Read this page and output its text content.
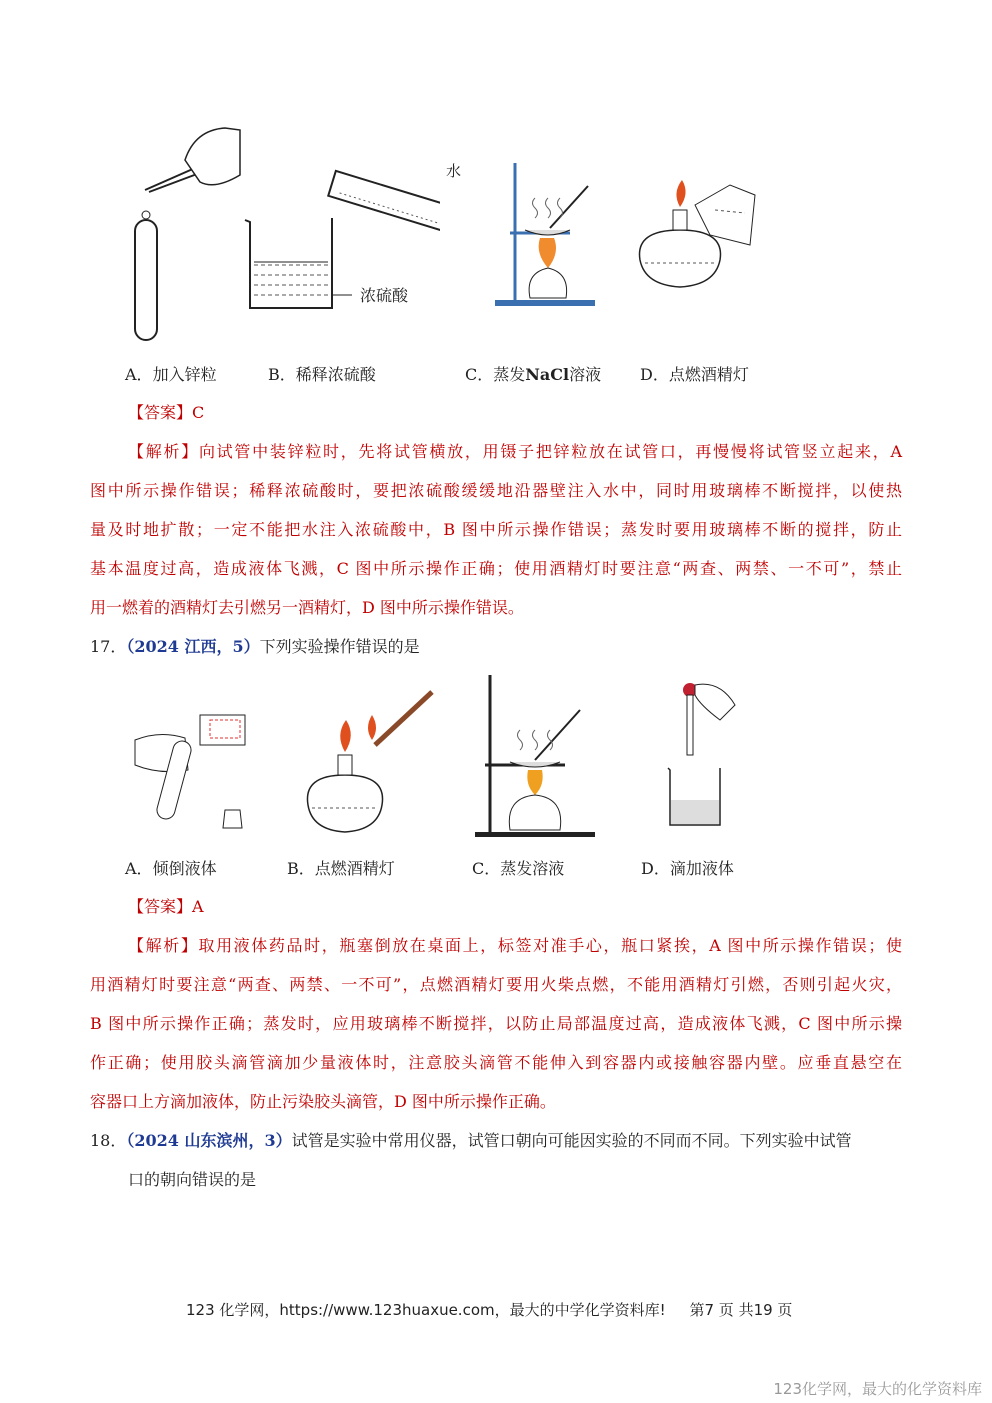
浓硫酸
水
A．加入锌粒	B．稀释浓硫酸	C．蒸发NaCl溶液 D．点燃酒精灯
【答案】C
【解析】向试管中装锌粒时，先将试管横放，用镊子把锌粒放在试管口，再慢慢将试管竖立起来，A
图中所示操作错误；稀释浓硫酸时，要把浓硫酸缓缓地沿器壁注入水中，同时用玻璃棒不断搅拌，以使热
量及时地扩散；一定不能把水注入浓硫酸中，B 图中所示操作错误；蒸发时要用玻璃棒不断的搅拌，防止
基本温度过高，造成液体飞溅，C 图中所示操作正确；使用酒精灯时要注意“两查、两禁、一不可”，禁止
用一燃着的酒精灯去引燃另一酒精灯，D 图中所示操作错误。
17．（2024 江西，5）下列实验操作错误的是
A．倾倒液体	B．点燃酒精灯	C．蒸发溶液	D．滴加液体
【答案】A
【解析】取用液体药品时，瓶塞倒放在桌面上，标签对准手心，瓶口紧挨，A 图中所示操作错误；使
用酒精灯时要注意“两查、两禁、一不可”，点燃酒精灯要用火柴点燃，不能用酒精灯引燃，否则引起火灾，
B 图中所示操作正确；蒸发时，应用玻璃棒不断搅拌，以防止局部温度过高，造成液体飞溅，C 图中所示操
作正确；使用胶头滴管滴加少量液体时，注意胶头滴管不能伸入到容器内或接触容器内壁。应垂直悬空在
容器口上方滴加液体，防止污染胶头滴管，D 图中所示操作正确。
18．（2024 山东滨州，3）试管是实验中常用仪器，试管口朝向可能因实验的不同而不同。下列实验中试管
口的朝向错误的是
123 化学网，https://www.123huaxue.com，最大的中学化学资料库! 第7 页 共19 页
123化学网，最大的化学资料库
